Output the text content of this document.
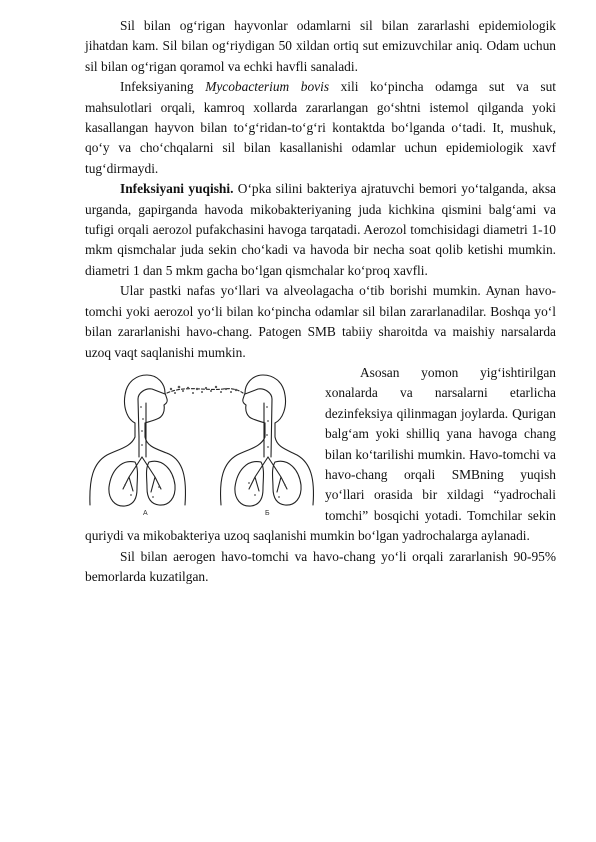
Sil bilan og‘rigan hayvonlar odamlarni sil bilan zararlashi epidemiologik jihatdan kam. Sil bilan og‘riydigan 50 xildan ortiq sut emizuvchilar aniq. Odam uchun sil bilan og‘rigan qoramol va echki havfli sanaladi.

Infeksiyaning Mycobacterium bovis xili ko‘pincha odamga sut va sut mahsulotlari orqali, kamroq xollarda zararlangan go‘shtni istemol qilganda yoki kasallangan hayvon bilan to‘g‘ridan-to‘g‘ri kontaktda bo‘lganda o‘tadi. It, mushuk, qo‘y va cho‘chqalarni sil bilan kasallanishi odamlar uchun epidemiologik xavf tug‘dirmaydi.

Infeksiyani yuqishi. O‘pka silini bakteriya ajratuvchi bemori yo‘talganda, aksa urganda, gapirganda havoda mikobakteriyaning juda kichkina qismini balg‘ami va tufigi orqali aerozol pufakchasini havoga tarqatadi. Aerozol tomchisidagi diametri 1-10 mkm qismchalar juda sekin cho‘kadi va havoda bir necha soat qolib ketishi mumkin. diametri 1 dan 5 mkm gacha bo‘lgan qismchalar ko‘proq xavfli.

Ular pastki nafas yo‘llari va alveolagacha o‘tib borishi mumkin. Aynan havo-tomchi yoki aerozol yo‘li bilan ko‘pincha odamlar sil bilan zararlanadilar. Boshqa yo‘l bilan zararlanishi havo-chang. Patogen SMB tabiiy sharoitda va maishiy narsalarda uzoq vaqt saqlanishi mumkin.

А	Б

Asosan yomon yig‘ishtirilgan xonalarda va narsalarni etarlicha dezinfeksiya qilinmagan joylarda. Qurigan balg‘am yoki shilliq yana havoga chang bilan ko‘tarilishi mumkin. Havo-tomchi va havo-chang orqali SMBning yuqish yo‘llari orasida bir xildagi “yadrochali tomchi” bosqichi yotadi. Tomchilar sekin quriydi va mikobakteriya uzoq saqlanishi mumkin bo‘lgan yadrochalarga aylanadi.

Sil bilan aerogen havo-tomchi va havo-chang yo‘li orqali zararlanish 90-95% bemorlarda kuzatilgan.
